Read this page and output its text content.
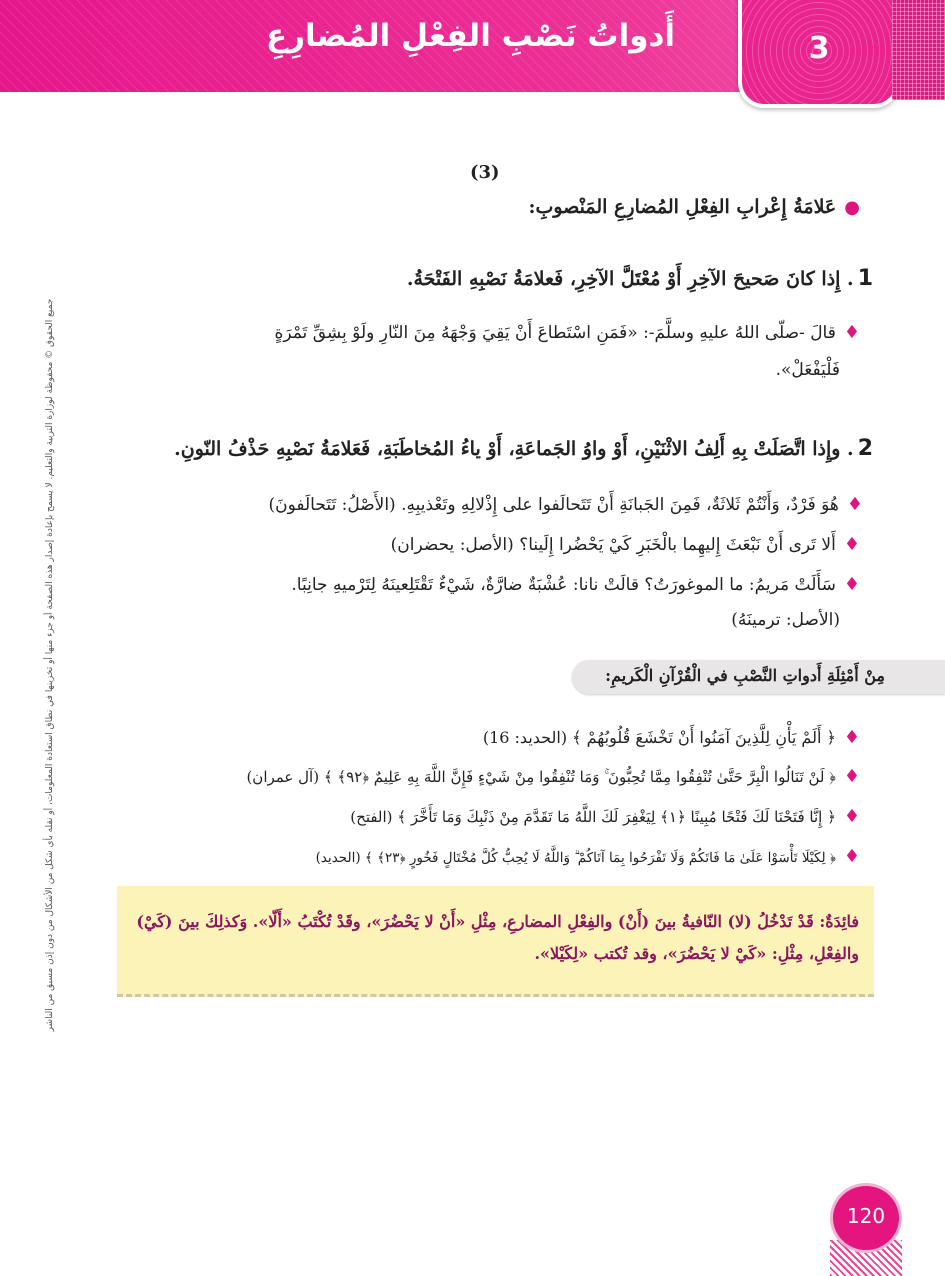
أَدواتُ نَصْبِ الفِعْلِ المُضارِعِ	3
جميع الحقوق © محفوظة لوزارة التربية والتعليم. لا يسمح بإعادة إصدار هذه الصفحة أو جزء منها أو تخزينها في نطاق استعادة المعلومات، أو نقله بأي شكل من الأشكال من دون إذن مسبق من الناشر
(3)
●عَلامَةُ إِعْرابِ الفِعْلِ المُضارِعِ المَنْصوبِ:
1. إِذا كانَ صَحيحَ الآخِرِ أَوْ مُعْتَلَّ الآخِرِ، فَعلامَةُ نَصْبِهِ الفَتْحَةُ.
♦قالَ -صلّى اللهُ عليهِ وسلَّمَ-: «فَمَنِ اسْتَطاعَ أَنْ يَقِيَ وَجْهَهُ مِنَ النّارِ ولَوْ بِشِقِّ تَمْرَةٍ
فَلْيَفْعَلْ».
2. وإِذا اتَّصَلَتْ بِهِ أَلِفُ الاثْنَيْنِ، أَوْ واوُ الجَماعَةِ، أَوْ ياءُ المُخاطَبَةِ، فَعَلامَةُ نَصْبِهِ حَذْفُ النّونِ.
♦هُوَ فَرْدٌ، وَأَنْتُمْ ثَلاثَةٌ، فَمِنَ الجَبانَةِ أَنْ تَتَحالَفوا على إِذْلالِهِ وتَعْذيبِهِ. (الأَصْلُ: تَتَحالَفونَ)
♦أَلا تَرى أَنْ نَبْعَثَ إِليهِما بالْخَبَرِ كَيْ يَحْضُرا إِلَينا؟ (الأصل: يحضران)
♦سَأَلَتْ مَريمُ: ما الموغورَتُ؟ قالَتْ نانا: عُشْبَةٌ ضارَّةٌ، شَيْءٌ تَقْتَلِعينَهُ لِتَرْميهِ جانِبًا.
(الأصل: ترمينَهُ)
مِنْ أَمْثِلَةِ أَدواتِ النَّصْبِ في الْقُرْآنِ الْكَريمِ:
♦﴿ أَلَمْ يَأْنِ لِلَّذِينَ آمَنُوا أَنْ تَخْشَعَ قُلُوبُهُمْ ﴾ (الحديد: 16)
♦﴿ لَنْ تَنَالُوا الْبِرَّ حَتَّىٰ تُنْفِقُوا مِمَّا تُحِبُّونَ ۚ وَمَا تُنْفِقُوا مِنْ شَيْءٍ فَإِنَّ اللَّهَ بِهِ عَلِيمٌ ﴿٩٢﴾ ﴾ (آل عمران)
♦﴿ إِنَّا فَتَحْنَا لَكَ فَتْحًا مُبِينًا ﴿١﴾ لِيَغْفِرَ لَكَ اللَّهُ مَا تَقَدَّمَ مِنْ ذَنْبِكَ وَمَا تَأَخَّرَ ﴾ (الفتح)
♦﴿ لِكَيْلَا تَأْسَوْا عَلَىٰ مَا فَاتَكُمْ وَلَا تَفْرَحُوا بِمَا آتَاكُمْ ۗ وَاللَّهُ لَا يُحِبُّ كُلَّ مُخْتَالٍ فَخُورٍ ﴿٢٣﴾ ﴾ (الحديد)
فائِدَةٌ: قَدْ تَدْخُلُ (لا) النّافيةُ بينَ (أَنْ) والفِعْلِ المضارعِ، مِثْلِ «أَنْ لا يَحْضُرَ»، وقَدْ تُكْتَبُ «أَلّا». وَكذلِكَ بينَ (كَيْ) والفِعْلِ، مِثْلِ: «كَيْ لا يَحْضُرَ»، وقد تُكتب «لِكَيْلا».
120
